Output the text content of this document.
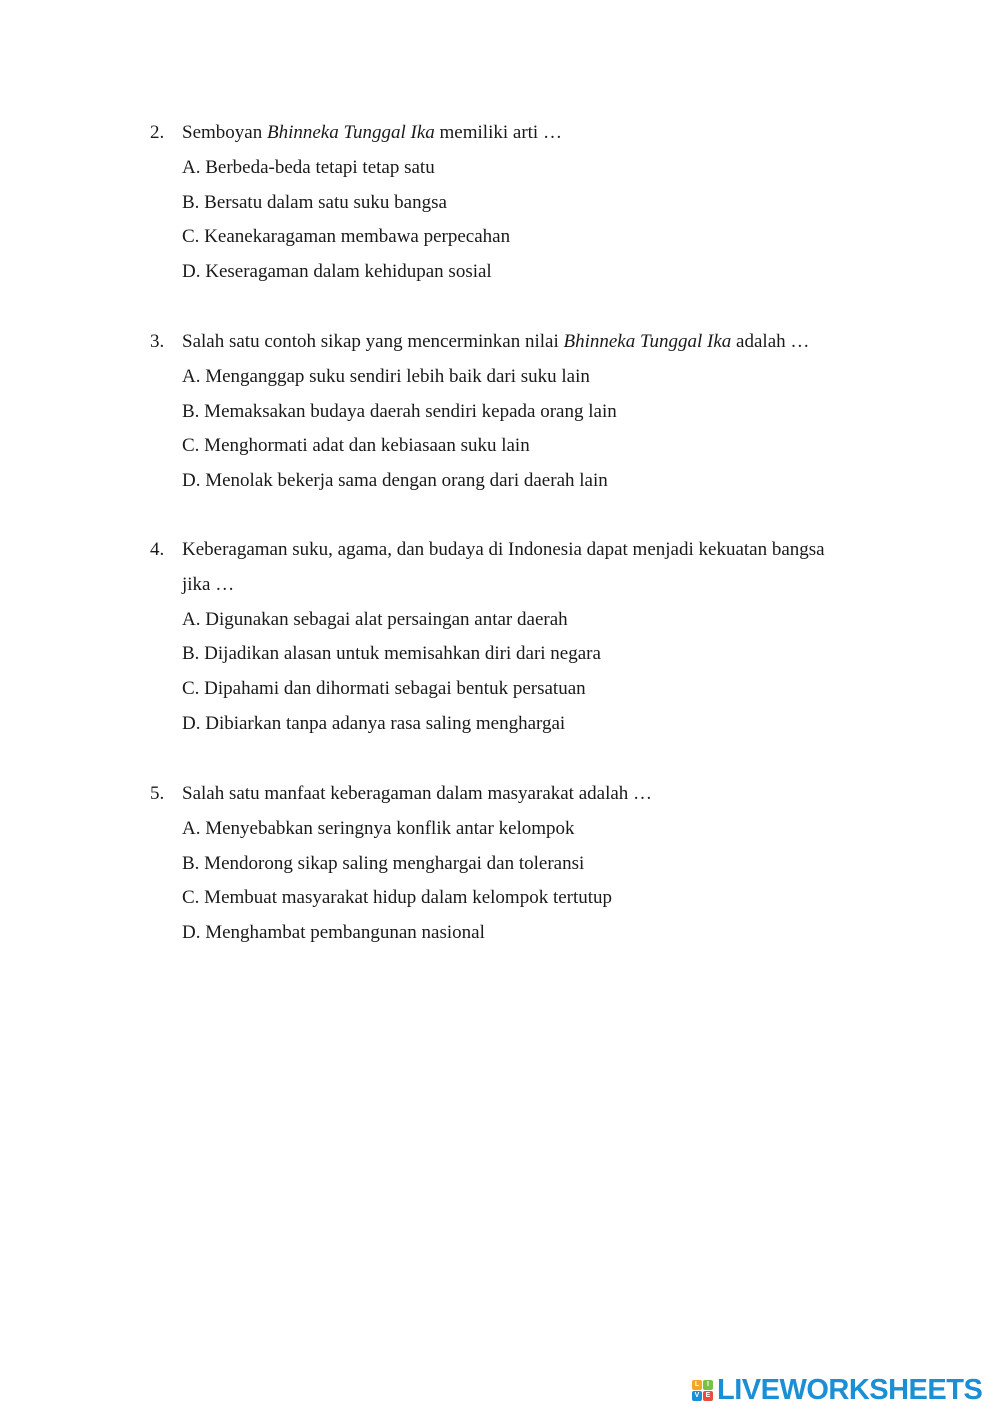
2. Semboyan Bhinneka Tunggal Ika memiliki arti …
A. Berbeda-beda tetapi tetap satu
B. Bersatu dalam satu suku bangsa
C. Keanekaragaman membawa perpecahan
D. Keseragaman dalam kehidupan sosial
3. Salah satu contoh sikap yang mencerminkan nilai Bhinneka Tunggal Ika adalah …
A. Menganggap suku sendiri lebih baik dari suku lain
B. Memaksakan budaya daerah sendiri kepada orang lain
C. Menghormati adat dan kebiasaan suku lain
D. Menolak bekerja sama dengan orang dari daerah lain
4. Keberagaman suku, agama, dan budaya di Indonesia dapat menjadi kekuatan bangsa
jika …
A. Digunakan sebagai alat persaingan antar daerah
B. Dijadikan alasan untuk memisahkan diri dari negara
C. Dipahami dan dihormati sebagai bentuk persatuan
D. Dibiarkan tanpa adanya rasa saling menghargai
5. Salah satu manfaat keberagaman dalam masyarakat adalah …
A. Menyebabkan seringnya konflik antar kelompok
B. Mendorong sikap saling menghargai dan toleransi
C. Membuat masyarakat hidup dalam kelompok tertutup
D. Menghambat pembangunan nasional
L	I
V E LIVEWORKSHEETS
